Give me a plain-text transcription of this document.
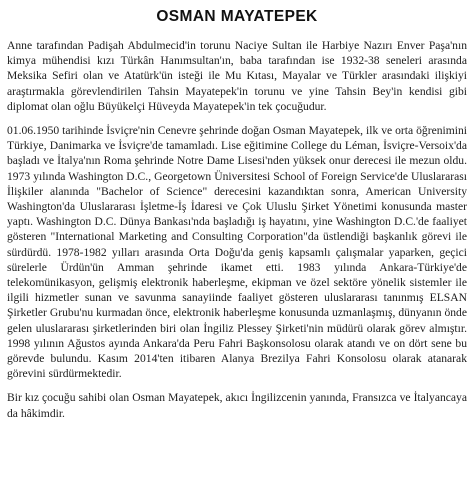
OSMAN MAYATEPEK

Anne tarafından Padişah Abdulmecid'in torunu Naciye Sultan ile Harbiye Nazırı Enver Paşa'nın kimya mühendisi kızı Türkân Hanımsultan'ın, baba tarafından ise 1932-38 seneleri arasında Meksika Sefiri olan ve Atatürk'ün isteği ile Mu Kıtası, Mayalar ve Türkler arasındaki ilişkiyi araştırmakla görevlendirilen Tahsin Mayatepek'in torunu ve yine Tahsin Bey'in kendisi gibi diplomat olan oğlu Büyükelçi Hüveyda Mayatepek'in tek çocuğudur.

01.06.1950 tarihinde İsviçre'nin Cenevre şehrinde doğan Osman Mayatepek, ilk ve orta öğrenimini Türkiye, Danimarka ve İsviçre'de tamamladı. Lise eğitimine College du Léman, İsviçre-Versoix'da başladı ve İtalya'nın Roma şehrinde Notre Dame Lisesi'nden yüksek onur derecesi ile mezun oldu. 1973 yılında Washington D.C., Georgetown Üniversitesi School of Foreign Service'de Uluslararası İlişkiler alanında "Bachelor of Science" derecesini kazandıktan sonra, American University Washington'da Uluslararası İşletme-İş İdaresi ve Çok Uluslu Şirket Yönetimi konusunda master yaptı. Washington D.C. Dünya Bankası'nda başladığı iş hayatını, yine Washington D.C.'de faaliyet gösteren "International Marketing and Consulting Corporation"da üstlendiği başkanlık görevi ile sürdürdü. 1978-1982 yılları arasında Orta Doğu'da geniş kapsamlı çalışmalar yaparken, geçici sürelerle Ürdün'ün Amman şehrinde ikamet etti. 1983 yılında Ankara-Türkiye'de telekomünikasyon, gelişmiş elektronik haberleşme, ekipman ve özel sektöre yönelik sistemler ile ilgili hizmetler sunan ve savunma sanayiinde faaliyet gösteren uluslararası tanınmış ELSAN Şirketler Grubu'nu kurmadan önce, elektronik haberleşme konusunda uzmanlaşmış, dünyanın önde gelen uluslararası şirketlerinden biri olan İngiliz Plessey Şirketi'nin müdürü olarak görev almıştır. 1998 yılının Ağustos ayında Ankara'da Peru Fahri Başkonsolosu olarak atandı ve on dört sene bu görevde bulundu. Kasım 2014'ten itibaren Alanya Brezilya Fahri Konsolosu olarak atanarak görevini sürdürmektedir.

Bir kız çocuğu sahibi olan Osman Mayatepek, akıcı İngilizcenin yanında, Fransızca ve İtalyancaya da hâkimdir.
